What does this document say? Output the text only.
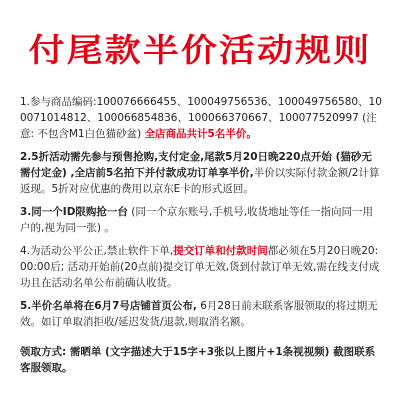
付尾款半价活动规则

1.参与商品编码:100076666455、100049756536、100049756580、100071014812、100066854836、100066370667、100077520997 (注意: 不包含M1白色猫砂盆) 全店商品共计5名半价。

2.5折活动需先参与预售抢购,支付定金,尾款5月20日晚220点开始 (猫砂无需付定金) ,全店前5名拍下并付款成功订单享半价,半价以实际付款金额/2计算返现。5折对应优惠的费用以京东E卡的形式返回。

3.同一个ID限购抢一台 (同一个京东账号,手机号,收货地址等任一指向同一用户的,视为同一张) 。

4.为活动公平公正,禁止软件下单,提交订单和付款时间都必须在5月20日晚20:00:00后; 活动开始前(20点前)提交订单无效,货到付款订单无效,需在线支付成功且在活动名单公布前确认收货。

5.半价名单将在6月7号店铺首页公布, 6月28日前未联系客服领取的将过期无效。如订单取消拒收/延迟发货/退款,则取消名额。

领取方式: 需晒单 (文字描述大于15字+3张以上图片+1条视视频) 截图联系客服领取。
